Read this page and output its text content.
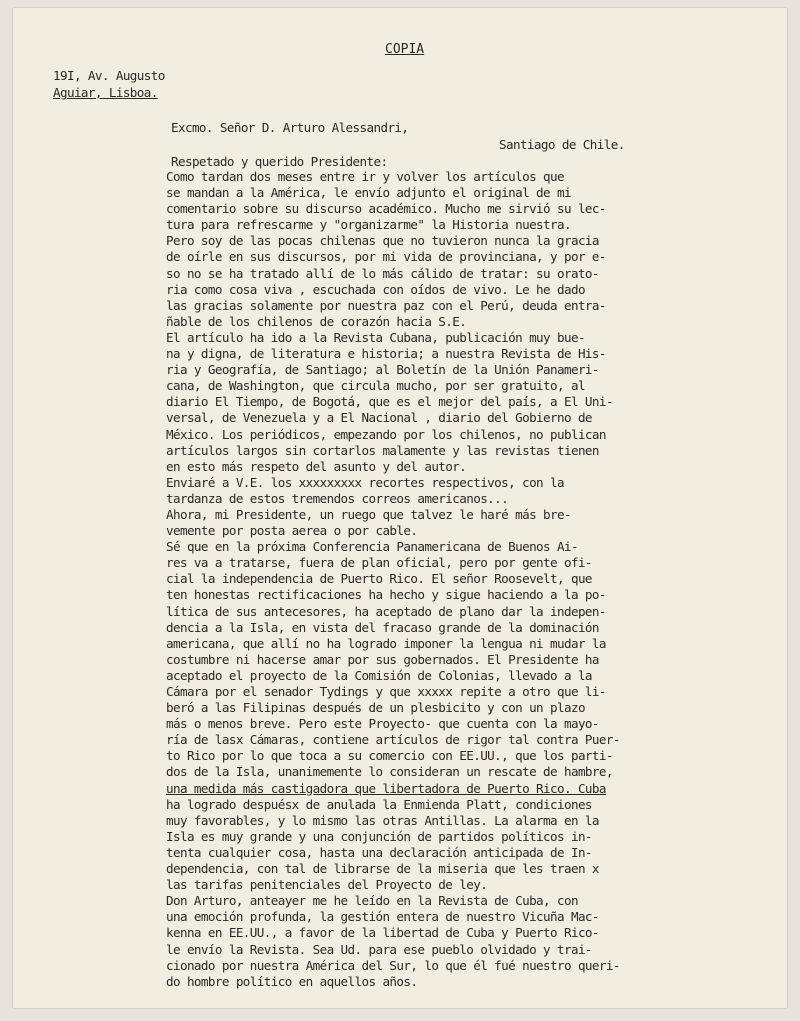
COPIA

19I, Av. Augusto

Aguiar, Lisboa.

Excmo. Señor D. Arturo Alessandri,

Santiago de Chile.

Respetado y querido Presidente:

Como tardan dos meses entre ir y volver los artículos que

se mandan a la América, le envío adjunto el original de mi

comentario sobre su discurso académico. Mucho me sirvió su lec-

tura para refrescarme y "organizarme" la Historia nuestra.

Pero soy de las pocas chilenas que no tuvieron nunca la gracia

de oírle en sus discursos, por mi vida de provinciana, y por e-

so no se ha tratado allí de lo más cálido de tratar: su orato-

ria como cosa viva , escuchada con oídos de vivo. Le he dado

las gracias solamente por nuestra paz con el Perú, deuda entra-

ñable de los chilenos de corazón hacia S.E.

El artículo ha ido a la Revista Cubana, publicación muy bue-

na y digna, de literatura e historia; a nuestra Revista de His-

ria y Geografía, de Santiago; al Boletín de la Unión Panameri-

cana, de Washington, que circula mucho, por ser gratuito, al

diario El Tiempo, de Bogotá, que es el mejor del país, a El Uni-

versal, de Venezuela y a El Nacional , diario del Gobierno de

México. Los periódicos, empezando por los chilenos, no publican

artículos largos sin cortarlos malamente y las revistas tienen

en esto más respeto del asunto y del autor.

Enviaré a V.E. los xxxxxxxxx recortes respectivos, con la

tardanza de estos tremendos correos americanos...

Ahora, mi Presidente, un ruego que talvez le haré más bre-

vemente por posta aerea o por cable.

Sé que en la próxima Conferencia Panamericana de Buenos Ai-

res va a tratarse, fuera de plan oficial, pero por gente ofi-

cial la independencia de Puerto Rico. El señor Roosevelt, que

ten honestas rectificaciones ha hecho y sigue haciendo a la po-

lítica de sus antecesores, ha aceptado de plano dar la indepen-

dencia a la Isla, en vista del fracaso grande de la dominación

americana, que allí no ha logrado imponer la lengua ni mudar la

costumbre ni hacerse amar por sus gobernados. El Presidente ha

aceptado el proyecto de la Comisión de Colonias, llevado a la

Cámara por el senador Tydings y que xxxxx repite a otro que li-

beró a las Filipinas después de un plesbicito y con un plazo

más o menos breve. Pero este Proyecto- que cuenta con la mayo-

ría de lasx Cámaras, contiene artículos de rigor tal contra Puer-

to Rico por lo que toca a su comercio con EE.UU., que los parti-

dos de la Isla, unanimemente lo consideran un rescate de hambre,

una medida más castigadora que libertadora de Puerto Rico. Cuba

ha logrado despuésx de anulada la Enmienda Platt, condiciones

muy favorables, y lo mismo las otras Antillas. La alarma en la

Isla es muy grande y una conjunción de partidos políticos in-

tenta cualquier cosa, hasta una declaración anticipada de In-

dependencia, con tal de librarse de la miseria que les traen x

las tarifas penitenciales del Proyecto de ley.

Don Arturo, anteayer me he leído en la Revista de Cuba, con

una emoción profunda, la gestión entera de nuestro Vicuña Mac-

kenna en EE.UU., a favor de la libertad de Cuba y Puerto Rico-

le envío la Revista. Sea Ud. para ese pueblo olvidado y trai-

cionado por nuestra América del Sur, lo que él fué nuestro queri-

do hombre político en aquellos años.
